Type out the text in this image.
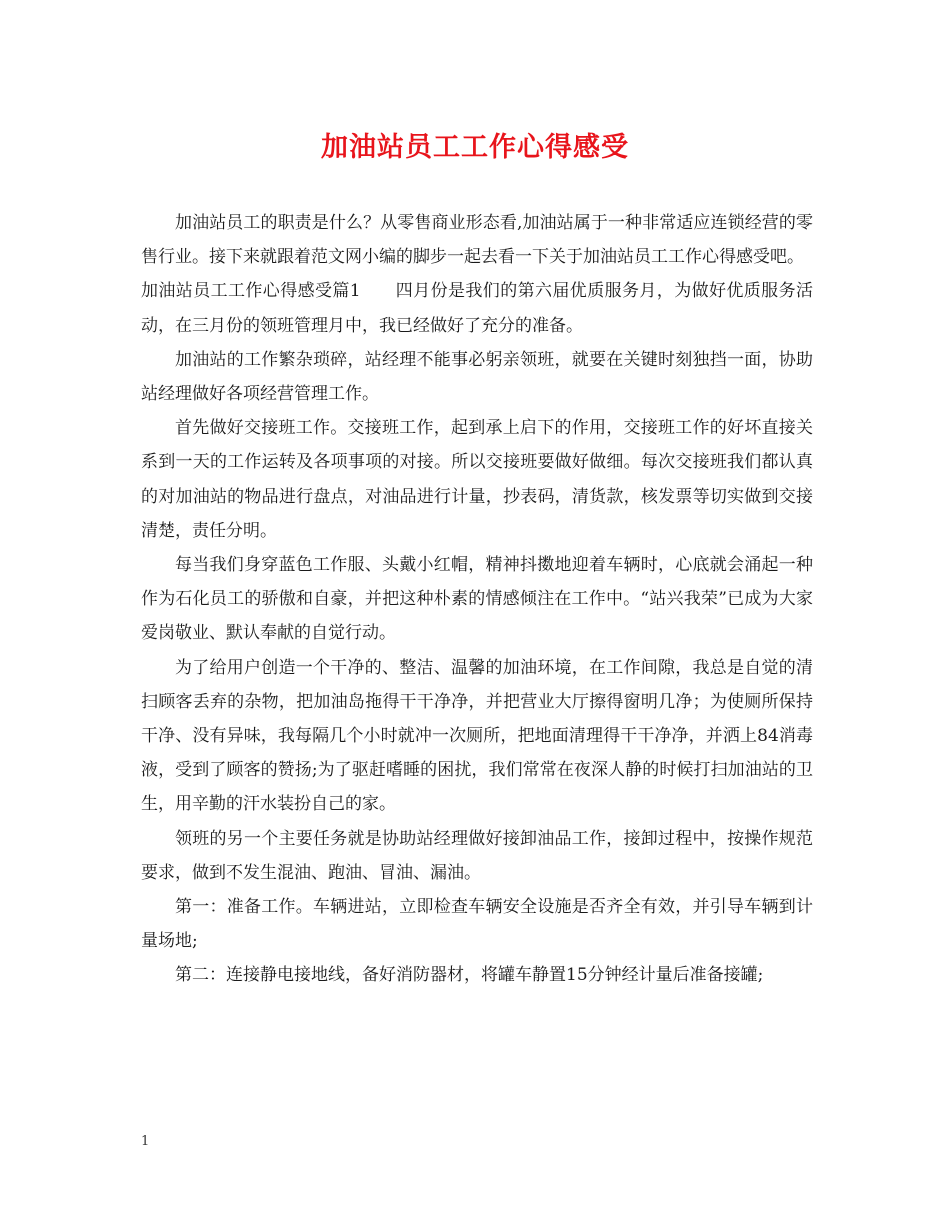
加油站员工工作心得感受

加油站员工的职责是什么？从零售商业形态看,加油站属于一种非常适应连锁经营的零售行业。接下来就跟着范文网小编的脚步一起去看一下关于加油站员工工作心得感受吧。

加油站员工工作心得感受篇1　　四月份是我们的第六届优质服务月，为做好优质服务活动，在三月份的领班管理月中，我已经做好了充分的准备。

加油站的工作繁杂琐碎，站经理不能事必躬亲领班，就要在关键时刻独挡一面，协助站经理做好各项经营管理工作。

首先做好交接班工作。交接班工作，起到承上启下的作用，交接班工作的好坏直接关系到一天的工作运转及各项事项的对接。所以交接班要做好做细。每次交接班我们都认真的对加油站的物品进行盘点，对油品进行计量，抄表码，清货款，核发票等切实做到交接清楚，责任分明。

每当我们身穿蓝色工作服、头戴小红帽，精神抖擞地迎着车辆时，心底就会涌起一种作为石化员工的骄傲和自豪，并把这种朴素的情感倾注在工作中。“站兴我荣”已成为大家爱岗敬业、默认奉献的自觉行动。

为了给用户创造一个干净的、整洁、温馨的加油环境，在工作间隙，我总是自觉的清扫顾客丢弃的杂物，把加油岛拖得干干净净，并把营业大厅擦得窗明几净；为使厕所保持干净、没有异味，我每隔几个小时就冲一次厕所，把地面清理得干干净净，并洒上84消毒液，受到了顾客的赞扬;为了驱赶嗜睡的困扰，我们常常在夜深人静的时候打扫加油站的卫生，用辛勤的汗水装扮自己的家。

领班的另一个主要任务就是协助站经理做好接卸油品工作，接卸过程中，按操作规范要求，做到不发生混油、跑油、冒油、漏油。

第一：准备工作。车辆进站，立即检查车辆安全设施是否齐全有效，并引导车辆到计量场地;

第二：连接静电接地线，备好消防器材，将罐车静置15分钟经计量后准备接罐;

1
